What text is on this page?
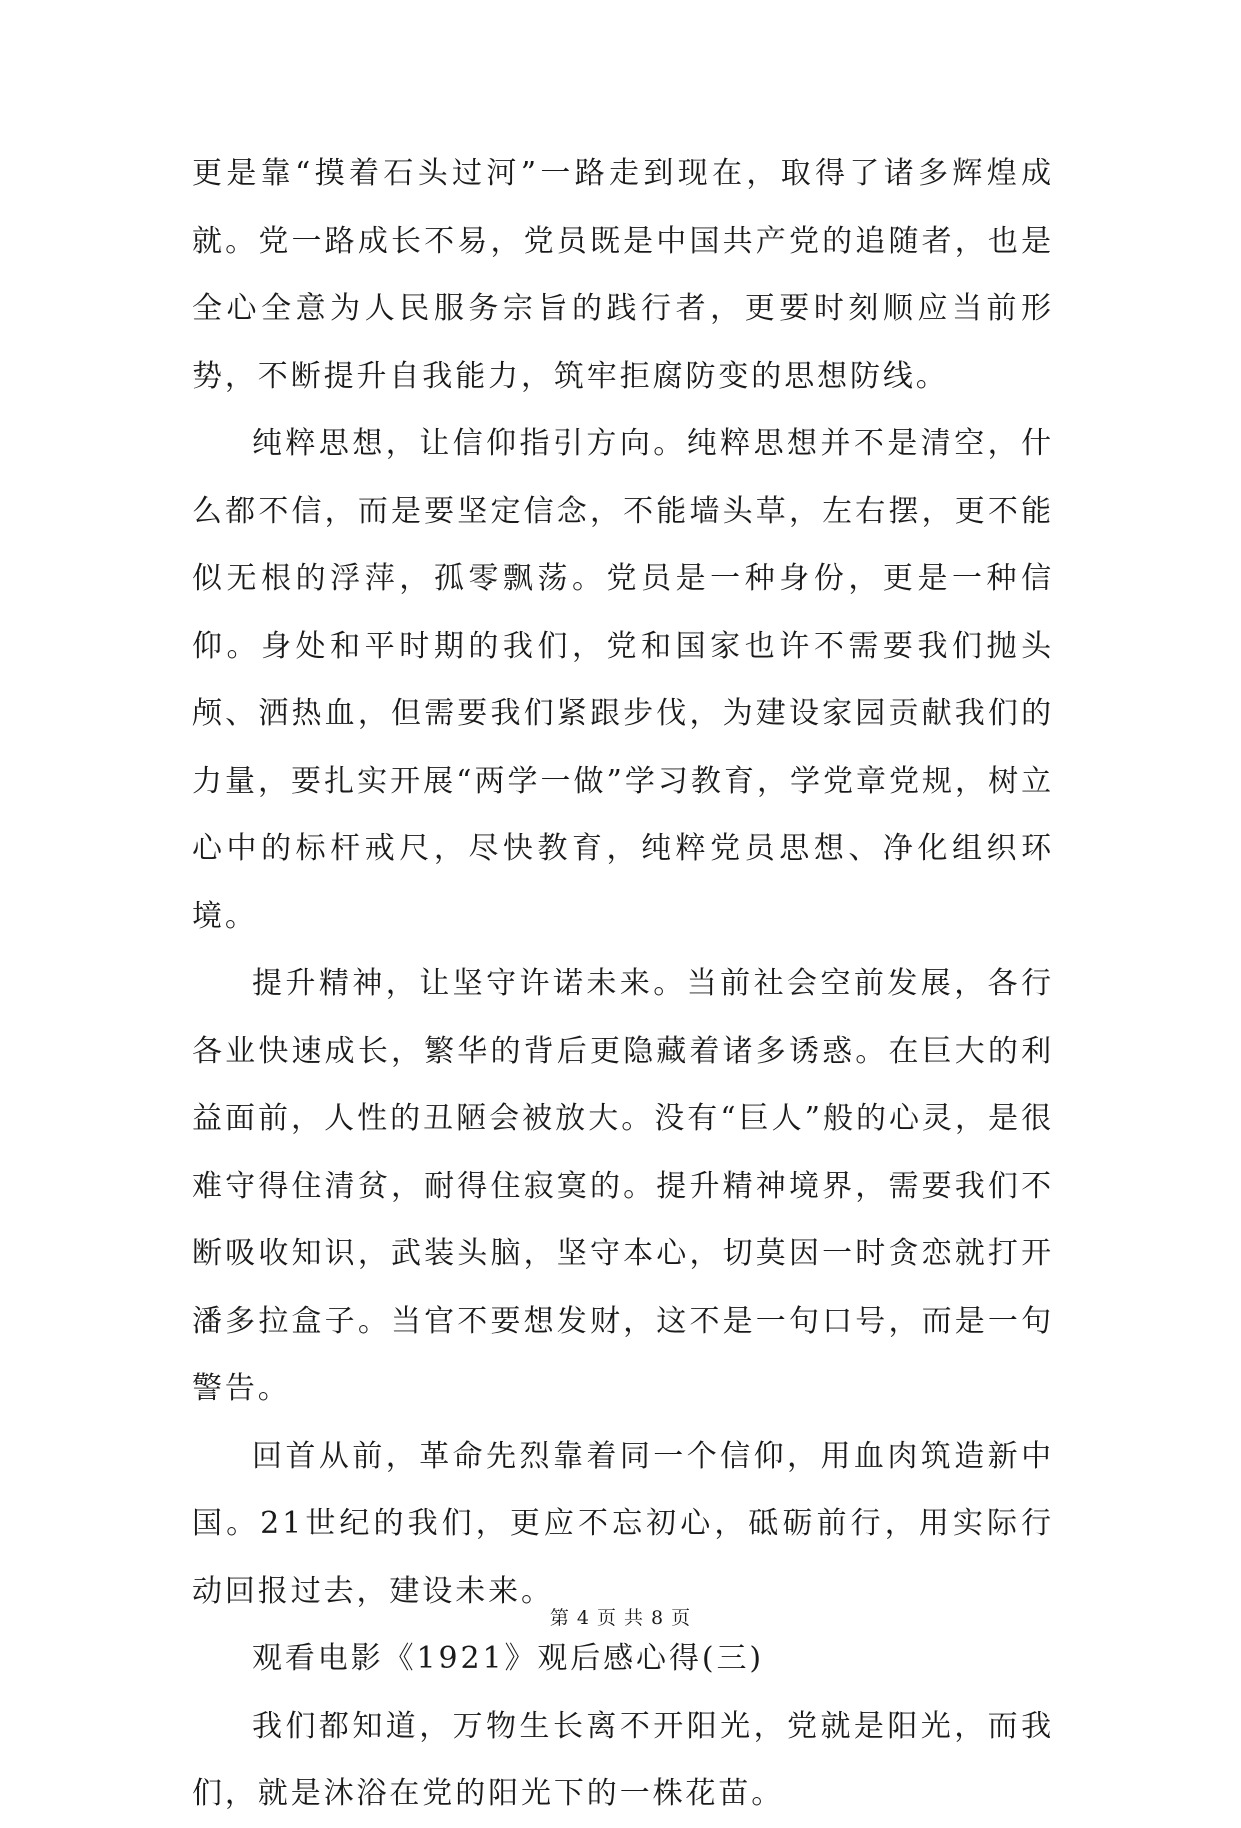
更是靠“摸着石头过河”一路走到现在，取得了诸多辉煌成就。党一路成长不易，党员既是中国共产党的追随者，也是全心全意为人民服务宗旨的践行者，更要时刻顺应当前形势，不断提升自我能力，筑牢拒腐防变的思想防线。

纯粹思想，让信仰指引方向。纯粹思想并不是清空，什么都不信，而是要坚定信念，不能墙头草，左右摆，更不能似无根的浮萍，孤零飘荡。党员是一种身份，更是一种信仰。身处和平时期的我们，党和国家也许不需要我们抛头颅、洒热血，但需要我们紧跟步伐，为建设家园贡献我们的力量，要扎实开展“两学一做”学习教育，学党章党规，树立心中的标杆戒尺，尽快教育，纯粹党员思想、净化组织环境。

提升精神，让坚守许诺未来。当前社会空前发展，各行各业快速成长，繁华的背后更隐藏着诸多诱惑。在巨大的利益面前，人性的丑陋会被放大。没有“巨人”般的心灵，是很难守得住清贫，耐得住寂寞的。提升精神境界，需要我们不断吸收知识，武装头脑，坚守本心，切莫因一时贪恋就打开潘多拉盒子。当官不要想发财，这不是一句口号，而是一句警告。

回首从前，革命先烈靠着同一个信仰，用血肉筑造新中国。21世纪的我们，更应不忘初心，砥砺前行，用实际行动回报过去，建设未来。

观看电影《1921》观后感心得(三)

我们都知道，万物生长离不开阳光，党就是阳光，而我们，就是沐浴在党的阳光下的一株花苗。

第 4 页 共 8 页
